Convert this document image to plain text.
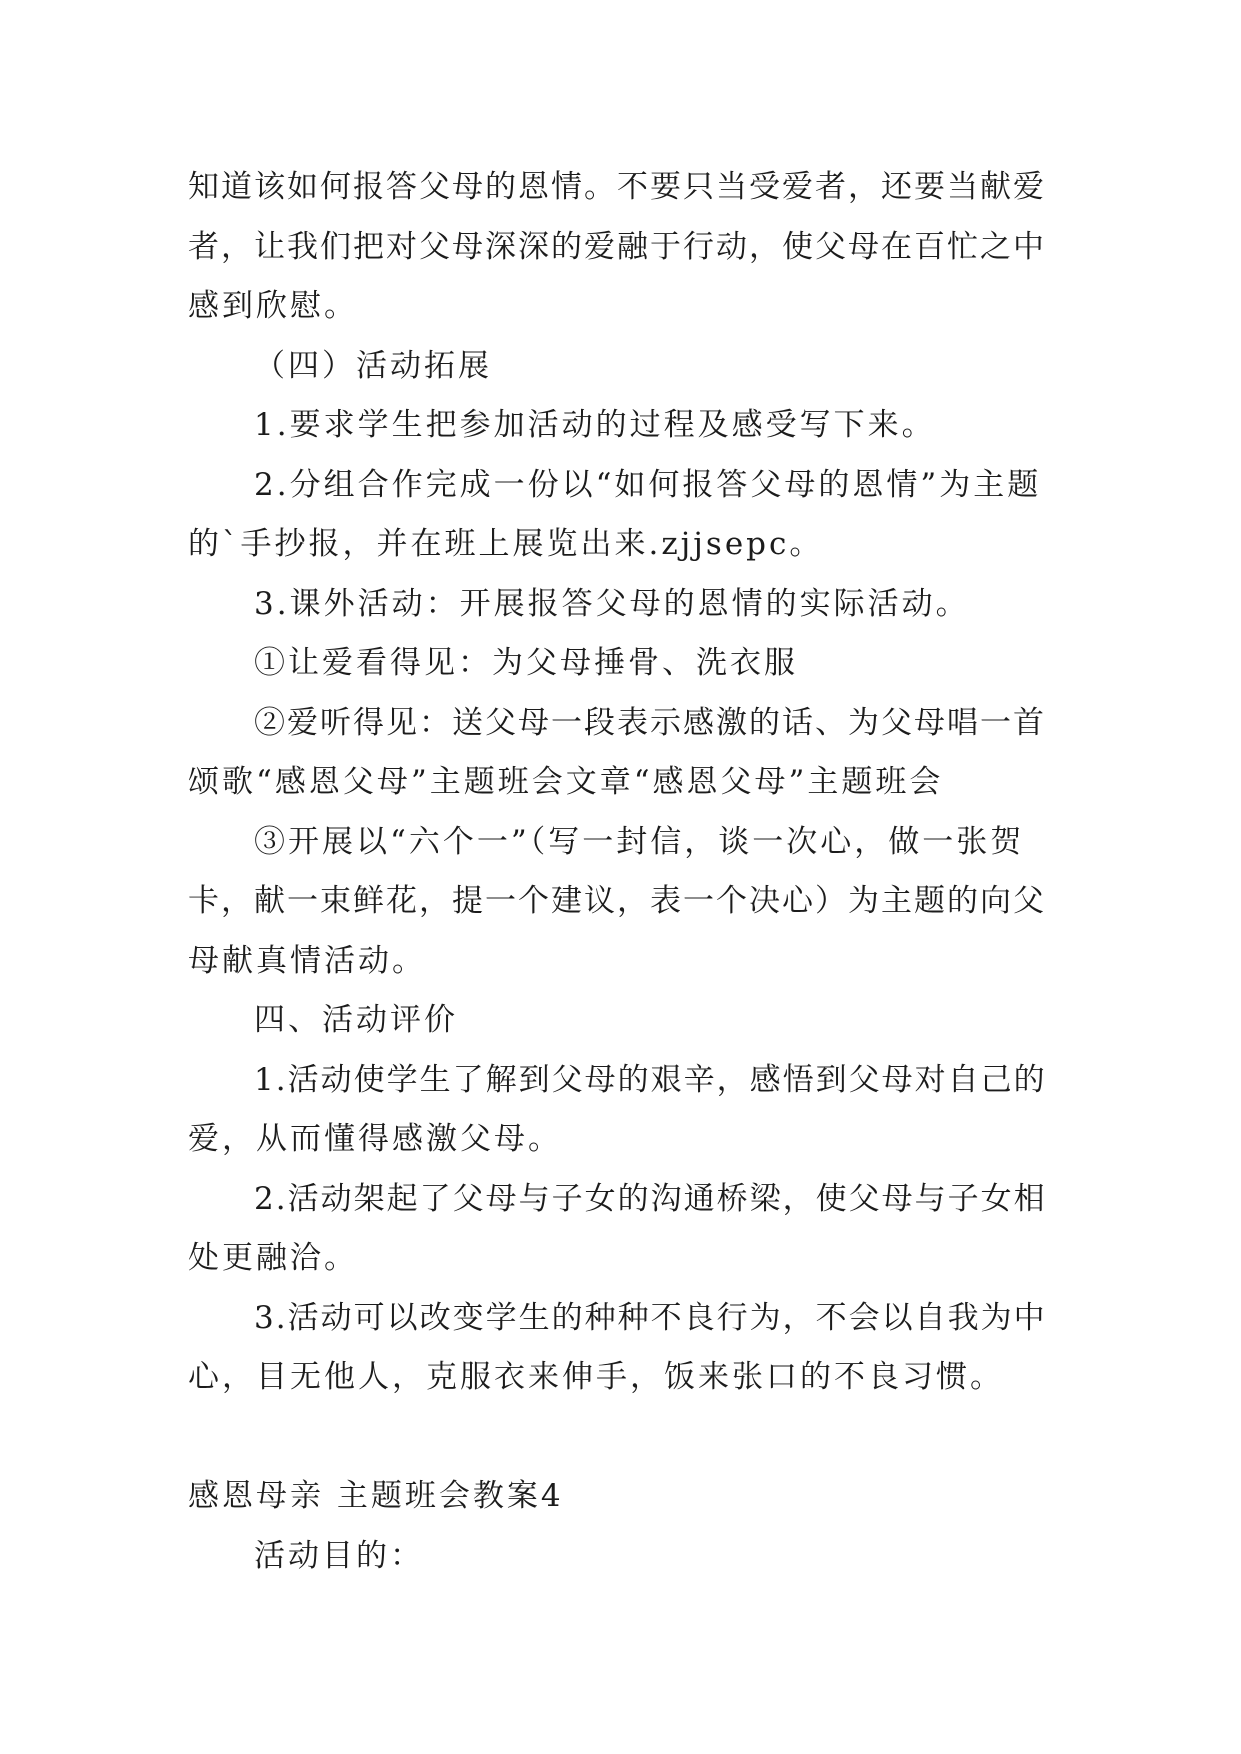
知道该如何报答父母的恩情。不要只当受爱者，还要当献爱

者，让我们把对父母深深的爱融于行动，使父母在百忙之中

感到欣慰。

（四）活动拓展

1.要求学生把参加活动的过程及感受写下来。

2.分组合作完成一份以“如何报答父母的恩情”为主题

的`手抄报，并在班上展览出来.zjjsepc。

3.课外活动：开展报答父母的恩情的实际活动。

①让爱看得见：为父母捶骨、洗衣服

②爱听得见：送父母一段表示感激的话、为父母唱一首

颂歌“感恩父母”主题班会文章“感恩父母”主题班会

③开展以“六个一”（写一封信，谈一次心，做一张贺

卡，献一束鲜花，提一个建议，表一个决心）为主题的向父

母献真情活动。

四、活动评价

1.活动使学生了解到父母的艰辛，感悟到父母对自己的

爱，从而懂得感激父母。

2.活动架起了父母与子女的沟通桥梁，使父母与子女相

处更融洽。

3.活动可以改变学生的种种不良行为，不会以自我为中

心，目无他人，克服衣来伸手，饭来张口的不良习惯。

感恩母亲 主题班会教案4

活动目的：
